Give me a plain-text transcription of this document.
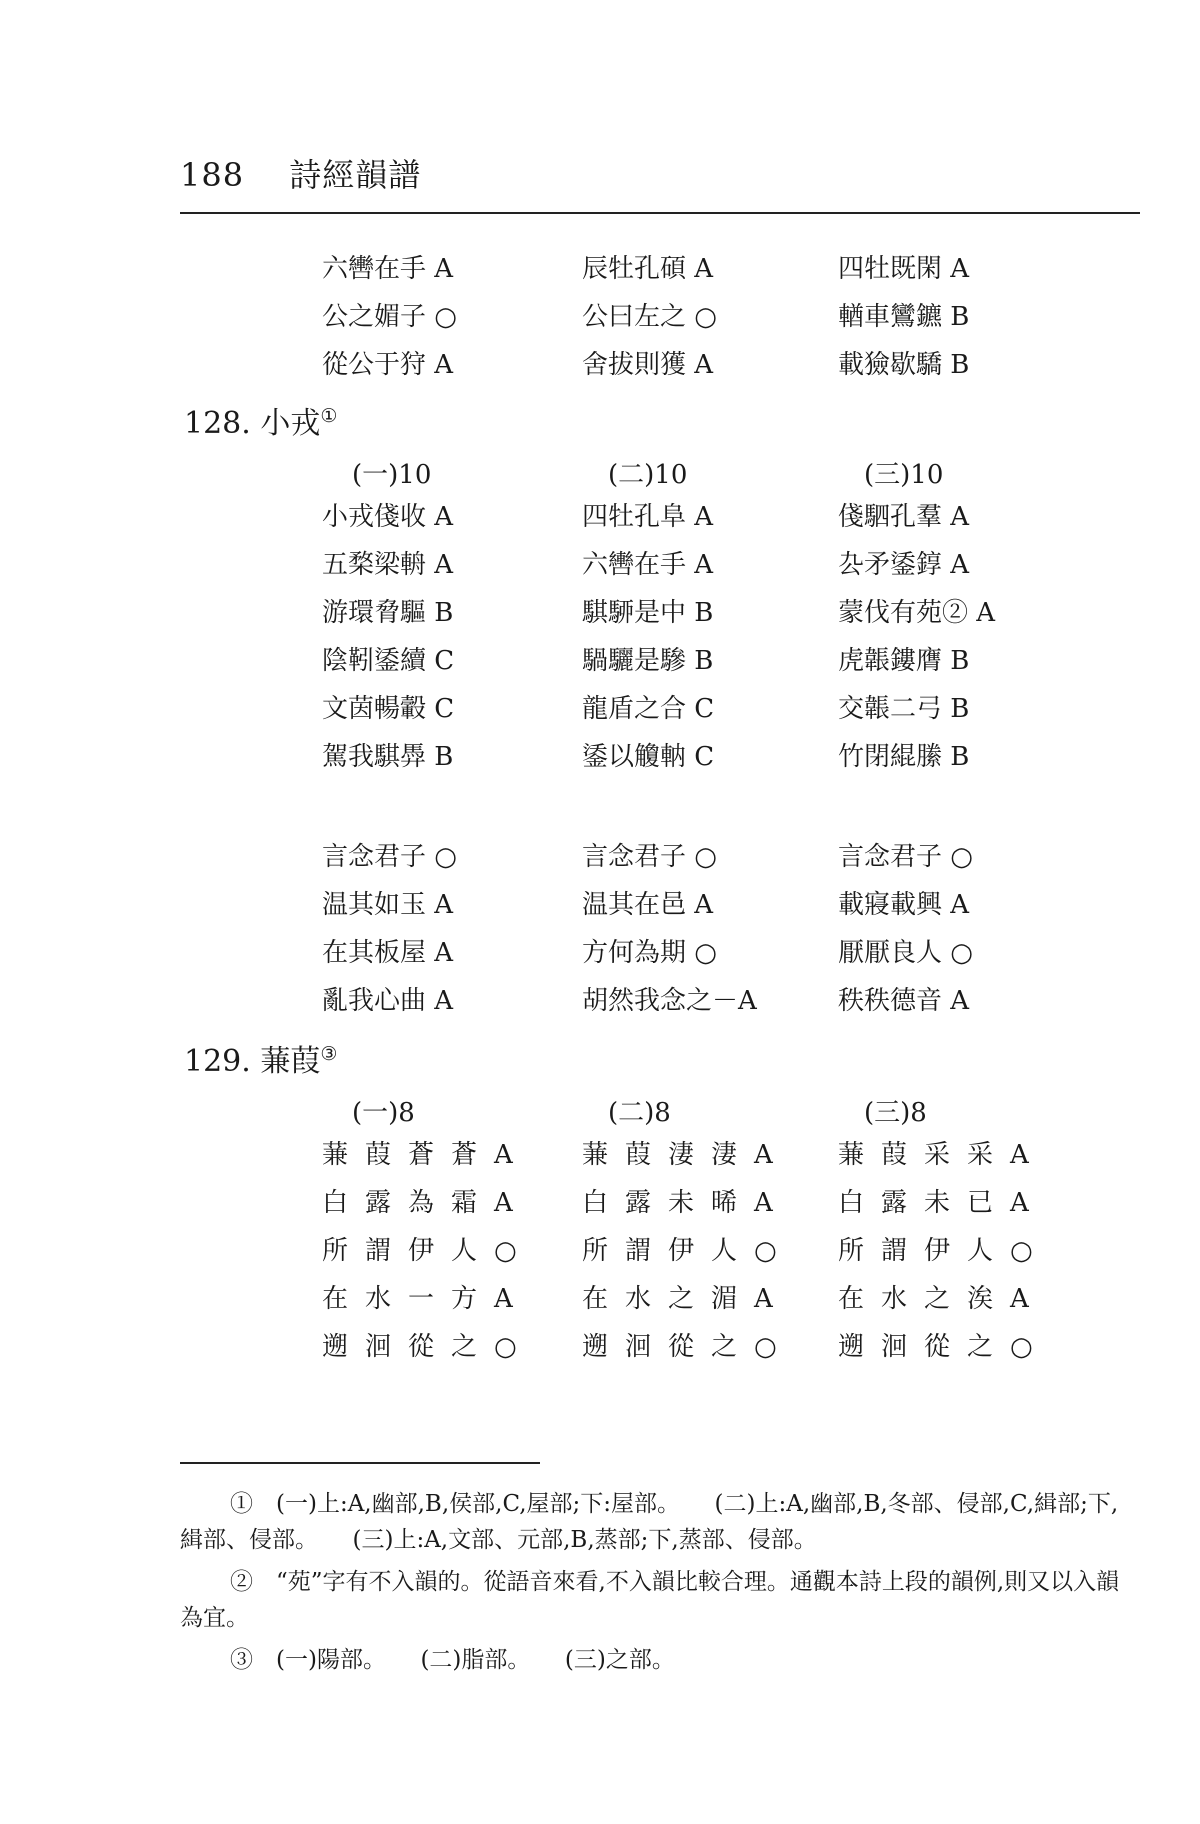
188 詩經韻譜
六轡在手 A	辰牡孔碩 A	四牡既閑 A
公之媚子 ○	公曰左之 ○	輶車鸞鑣 B
從公于狩 A	舍拔則獲 A	載獫歇驕 B
128. 小戎①
(一)10	(二)10	(三)10
小戎俴收 A	四牡孔阜 A	俴駟孔羣 A
五楘梁輈 A	六轡在手 A	厹矛鋈錞 A
游環脅驅 B	騏駵是中 B	蒙伐有苑② A
陰靷鋈續 C	騧驪是驂 B	虎韔鏤膺 B
文茵暢轂 C	龍盾之合 C	交韔二弓 B
駕我騏馵 B	鋈以觼軜 C	竹閉緄縢 B
言念君子 ○	言念君子 ○	言念君子 ○
温其如玉 A	温其在邑 A	載寢載興 A
在其板屋 A	方何為期 ○	厭厭良人 ○
亂我心曲 A	胡然我念之－A	秩秩德音 A
129. 蒹葭③
(一)8	(二)8	(三)8
蒹葭蒼蒼A 蒹葭淒淒A 蒹葭采采A
白露為霜A 白露未晞A 白露未已A
所謂伊人○ 所謂伊人○ 所謂伊人○
在水一方A 在水之湄A 在水之涘A
遡洄從之○ 遡洄從之○ 遡洄從之○

①　(一)上:A,幽部,B,侯部,C,屋部;下:屋部。　　(二)上:A,幽部,B,冬部、侵部,C,緝部;下,緝部、侵部。　　(三)上:A,文部、元部,B,蒸部;下,蒸部、侵部。

②　“苑”字有不入韻的。從語音來看,不入韻比較合理。通觀本詩上段的韻例,則又以入韻為宜。

③　(一)陽部。　　(二)脂部。　　(三)之部。
